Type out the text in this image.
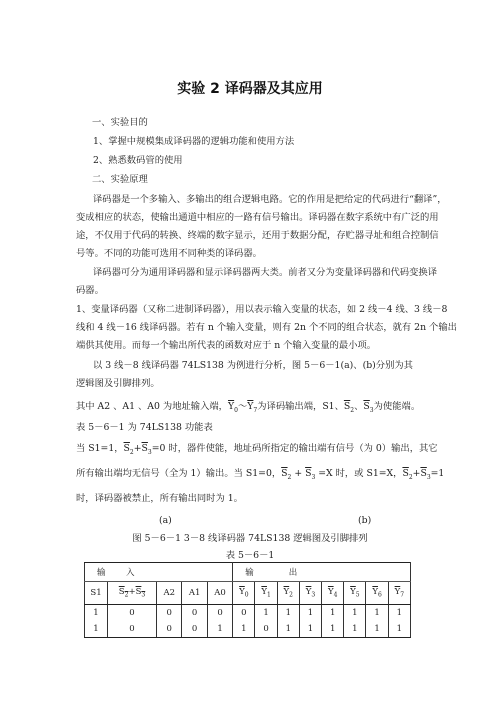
实验 2 译码器及其应用
一、实验目的
1、掌握中规模集成译码器的逻辑功能和使用方法
2、熟悉数码管的使用
二、实验原理
译码器是一个多输入、多输出的组合逻辑电路。它的作用是把给定的代码进行“翻译”，
变成相应的状态，使输出通道中相应的一路有信号输出。译码器在数字系统中有广泛的用
途，不仅用于代码的转换、终端的数字显示，还用于数据分配，存贮器寻址和组合控制信
号等。不同的功能可选用不同种类的译码器。
译码器可分为通用译码器和显示译码器两大类。前者又分为变量译码器和代码变换译
码器。
1、变量译码器（又称二进制译码器），用以表示输入变量的状态，如 2 线－4 线、3 线－8
线和 4 线－16 线译码器。若有 n 个输入变量，则有 2n 个不同的组合状态，就有 2n 个输出
端供其使用。而每一个输出所代表的函数对应于 n 个输入变量的最小项。
以 3 线－8 线译码器 74LS138 为例进行分析，图 5－6－1(a)、(b)分别为其
逻辑图及引脚排列。
其中 A2 、A1 、A0 为地址输入端，$\overline{Y}_0\sim\overline{Y}_7$为译码输出端，S1、$\overline{S}_2$、$\overline{S}_3$为使能端。
表 5－6－1 为 74LS138 功能表
当 S1=1，$\overline{S}_2+\overline{S}_3=0$ 时，器件使能，地址码所指定的输出端有信号（为 0）输出，其它
所有输出端均无信号（全为 1）输出。当 S1=0，$\overline{S}_2 + \overline{S}_3 =X$ 时，或 S1=X，$\overline{S}_2+\overline{S}_3=1$
时，译码器被禁止，所有输出同时为 1。
(a)	(b)
图 5－6－1 3－8 线译码器 74LS138 逻辑图及引脚排列
表 5－6－1
输　入					输　　出							
S1	$S_2+S_3$	A2	A1	A0	$\overline{Y}_0$	$\overline{Y}_1$	$\overline{Y}_2$	$\overline{Y}_3$	$\overline{Y}_4$	$\overline{Y}_5$	$\overline{Y}_6$	$\overline{Y}_7$
1	0	0	0	0	0	1	1	1	1	1	1	1
1	0	0	0	1	1	0	1	1	1	1	1	1
